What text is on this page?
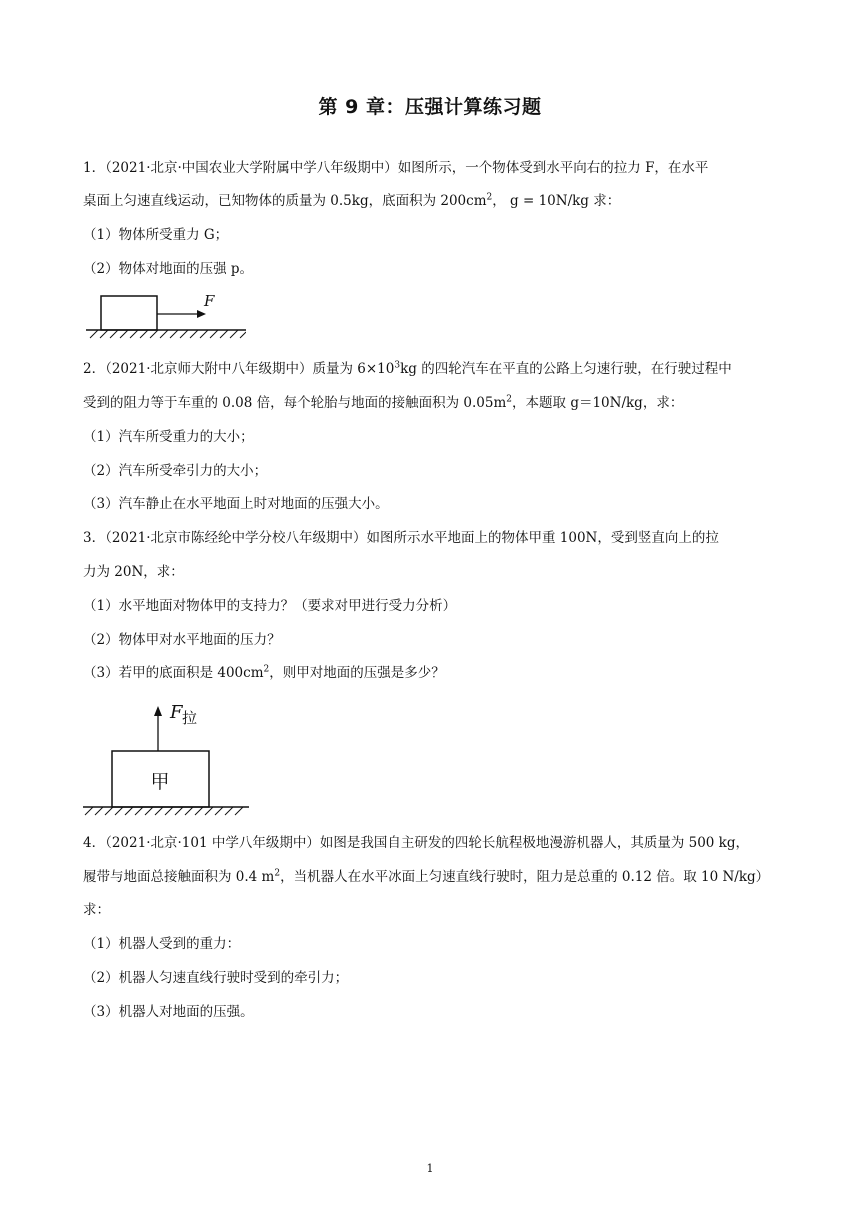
第 9 章：压强计算练习题
1．（2021·北京·中国农业大学附属中学八年级期中）如图所示，一个物体受到水平向右的拉力 F，在水平
桌面上匀速直线运动，已知物体的质量为 0.5kg，底面积为 $200cm^2$， g = 10N/kg 求：
（1）物体所受重力 G；
（2）物体对地面的压强 p。
F
2．（2021·北京师大附中八年级期中）质量为 $6\times 10^3kg$ 的四轮汽车在平直的公路上匀速行驶，在行驶过程中
受到的阻力等于车重的 0.08 倍，每个轮胎与地面的接触面积为 $0.05m^2$，本题取 g＝10N/kg，求：
（1）汽车所受重力的大小；
（2）汽车所受牵引力的大小；
（3）汽车静止在水平地面上时对地面的压强大小。
3．（2021·北京市陈经纶中学分校八年级期中）如图所示水平地面上的物体甲重 100N，受到竖直向上的拉
力为 20N，求：
（1）水平地面对物体甲的支持力？（要求对甲进行受力分析）
（2）物体甲对水平地面的压力？
（3）若甲的底面积是 $400cm^2$，则甲对地面的压强是多少？
甲
F 拉
4．（2021·北京·101 中学八年级期中）如图是我国自主研发的四轮长航程极地漫游机器人，其质量为 500 kg，
履带与地面总接触面积为 0.4 $m^2$，当机器人在水平冰面上匀速直线行驶时，阻力是总重的 0.12 倍。取 10 N/kg）
求：
（1）机器人受到的重力：
（2）机器人匀速直线行驶时受到的牵引力；
（3）机器人对地面的压强。
1
